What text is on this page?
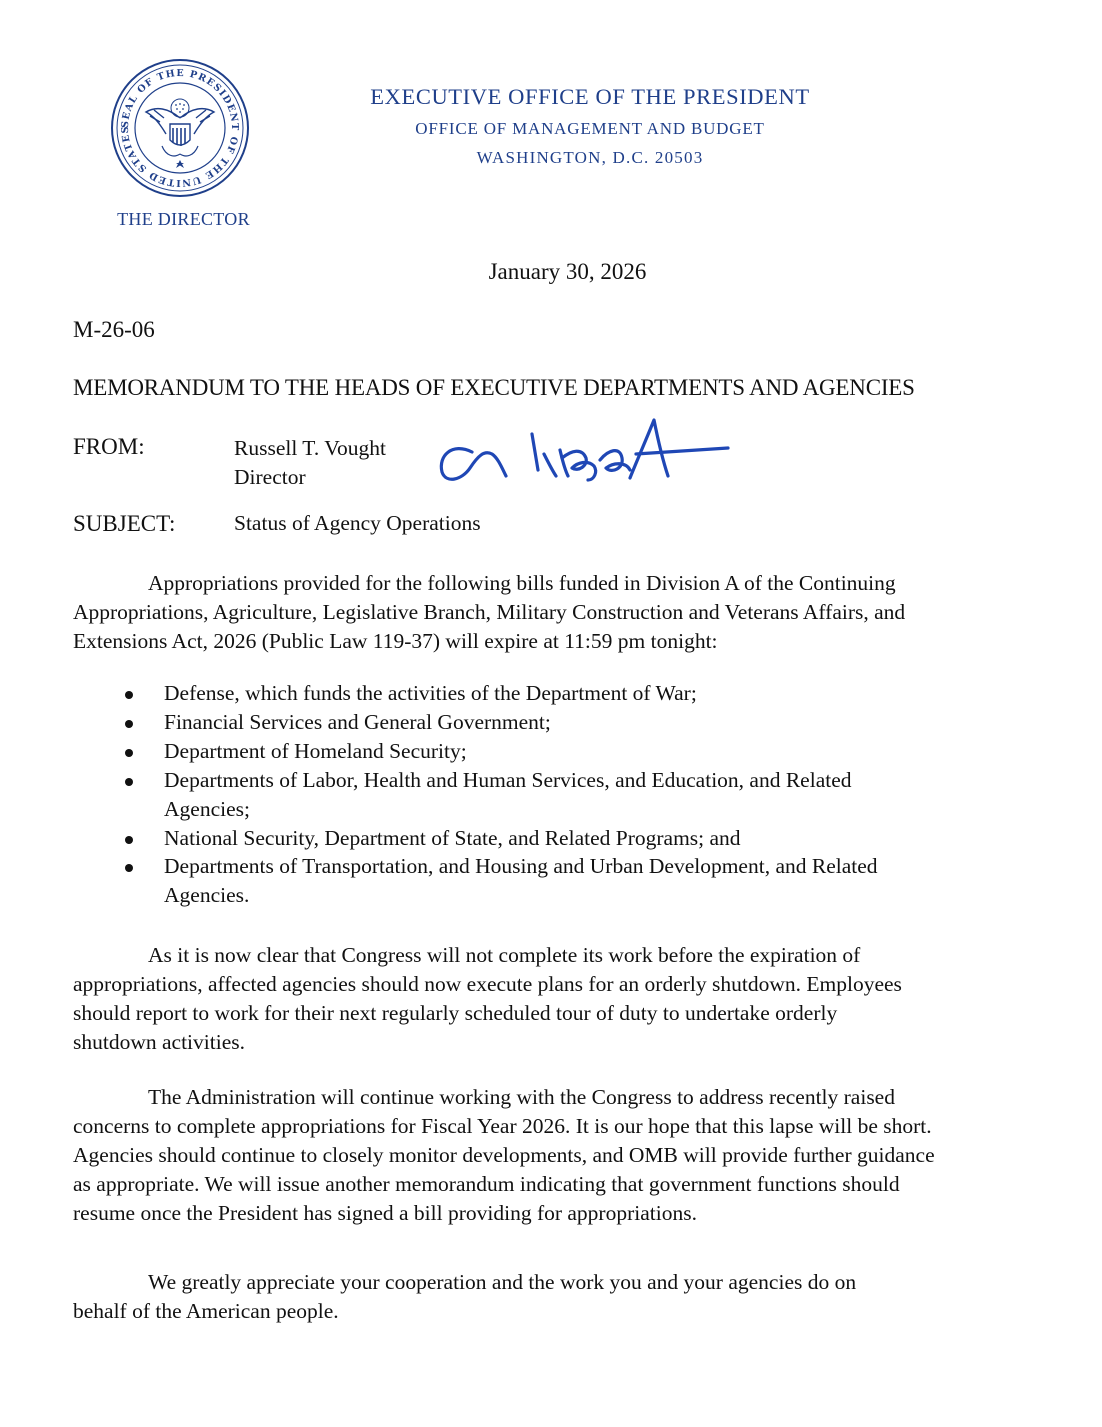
SEAL OF THE PRESIDENT OF THE UNITED STATES
THE DIRECTOR
EXECUTIVE OFFICE OF THE PRESIDENT
OFFICE OF MANAGEMENT AND BUDGET
WASHINGTON, D.C. 20503
January 30, 2026
M-26-06
MEMORANDUM TO THE HEADS OF EXECUTIVE DEPARTMENTS AND AGENCIES
FROM:	Russell T. Vought
Director
SUBJECT:	Status of Agency Operations
Appropriations provided for the following bills funded in Division A of the Continuing
Appropriations, Agriculture, Legislative Branch, Military Construction and Veterans Affairs, and
Extensions Act, 2026 (Public Law 119-37) will expire at 11:59 pm tonight:
Defense, which funds the activities of the Department of War;
Financial Services and General Government;
Department of Homeland Security;
Departments of Labor, Health and Human Services, and Education, and Related
Agencies;
National Security, Department of State, and Related Programs; and
Departments of Transportation, and Housing and Urban Development, and Related
Agencies.
As it is now clear that Congress will not complete its work before the expiration of
appropriations, affected agencies should now execute plans for an orderly shutdown. Employees
should report to work for their next regularly scheduled tour of duty to undertake orderly
shutdown activities.
The Administration will continue working with the Congress to address recently raised
concerns to complete appropriations for Fiscal Year 2026. It is our hope that this lapse will be short.
Agencies should continue to closely monitor developments, and OMB will provide further guidance
as appropriate. We will issue another memorandum indicating that government functions should
resume once the President has signed a bill providing for appropriations.
We greatly appreciate your cooperation and the work you and your agencies do on
behalf of the American people.
